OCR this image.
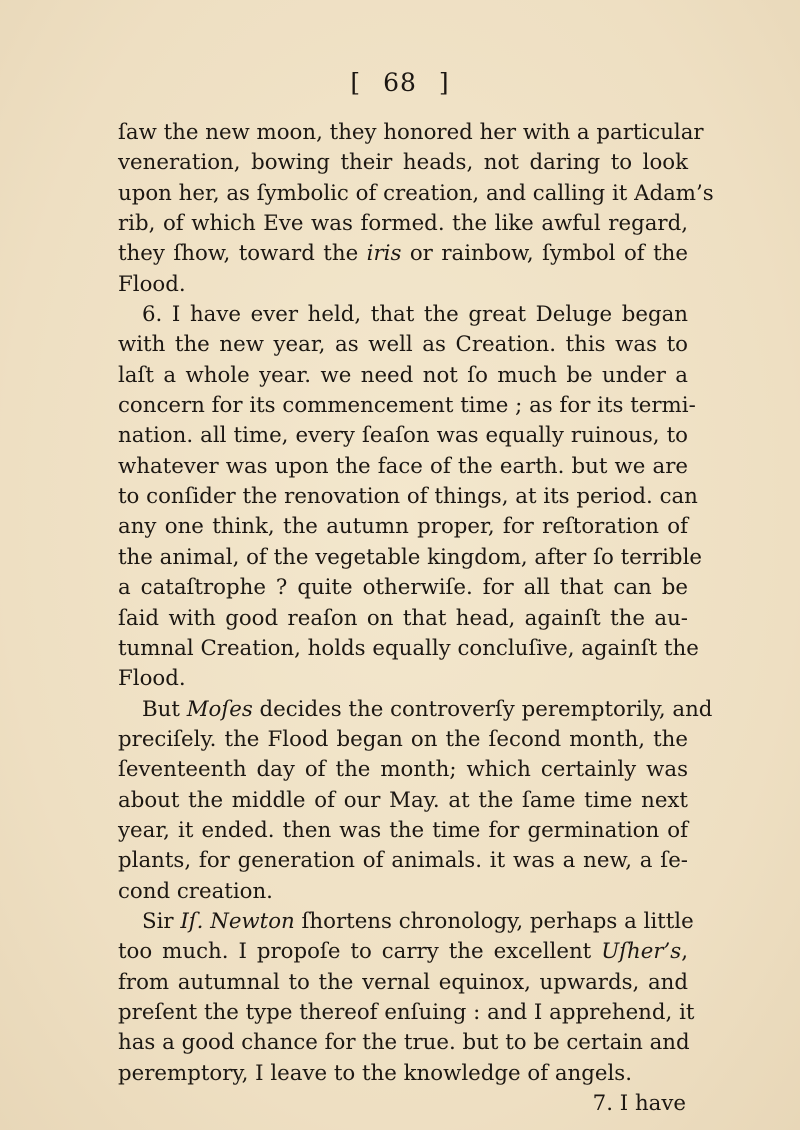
[ 68 ]
ſaw the new moon, they honored her with a particular
veneration, bowing their heads, not daring to look
upon her, as ſymbolic of creation, and calling it Adam’s
rib, of which Eve was formed. the like awful regard,
they ſhow, toward the iris or rainbow, ſymbol of the
Flood.
6. I have ever held, that the great Deluge began
with the new year, as well as Creation. this was to
laſt a whole year. we need not ſo much be under a
concern for its commencement time ; as for its termi-
nation. all time, every ſeaſon was equally ruinous, to
whatever was upon the face of the earth. but we are
to conſider the renovation of things, at its period. can
any one think, the autumn proper, for reſtoration of
the animal, of the vegetable kingdom, after ſo terrible
a cataſtrophe ? quite otherwiſe. for all that can be
ſaid with good reaſon on that head, againſt the au-
tumnal Creation, holds equally concluſive, againſt the
Flood.
But Moſes decides the controverſy peremptorily, and
preciſely. the Flood began on the ſecond month, the
ſeventeenth day of the month; which certainly was
about the middle of our May. at the ſame time next
year, it ended. then was the time for germination of
plants, for generation of animals. it was a new, a ſe-
cond creation.
Sir Iſ. Newton ſhortens chronology, perhaps a little
too much. I propoſe to carry the excellent Uſher’s,
from autumnal to the vernal equinox, upwards, and
preſent the type thereof enſuing : and I apprehend, it
has a good chance for the true. but to be certain and
peremptory, I leave to the knowledge of angels.
7. I have
